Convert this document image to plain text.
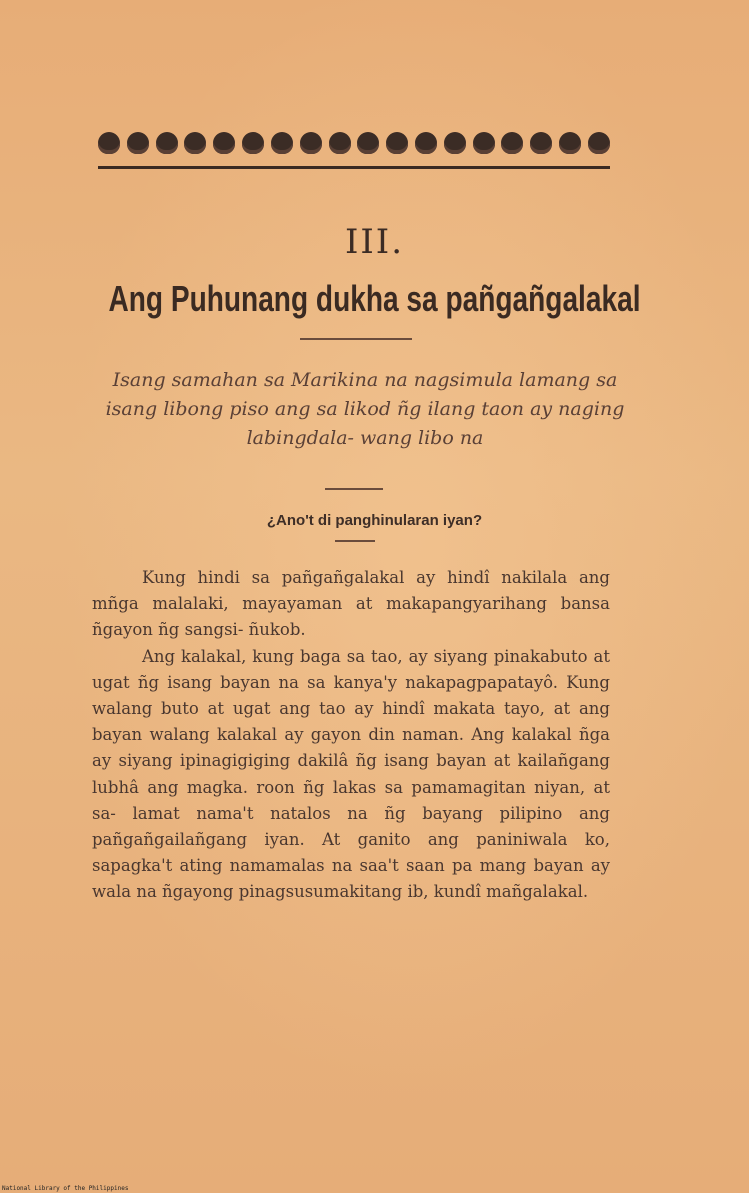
III.
Ang Puhunang dukha sa pañgañgalakal
Isang samahan sa Marikina na nagsimula lamang sa isang libong piso ang sa likod ñg ilang taon ay naging labingdala- wang libo na
¿Ano't di panghinularan iyan?

Kung hindi sa pañgañgalakal ay hindî nakilala ang mñga malalaki, mayayaman at makapangyarihang bansa ñgayon ñg sangsi- ñukob.

Ang kalakal, kung baga sa tao, ay siyang pinakabuto at ugat ñg isang bayan na sa kanya'y nakapagpapatayô. Kung walang buto at ugat ang tao ay hindî makata tayo, at ang bayan walang kalakal ay gayon din naman. Ang kalakal ñga ay siyang ipinagigiging dakilâ ñg isang bayan at kailañgang lubhâ ang magka. roon ñg lakas sa pamamagitan niyan, at sa- lamat nama't natalos na ñg bayang pilipino ang pañgañgailañgang iyan. At ganito ang paniniwala ko, sapagka't ating namamalas na saa't saan pa mang bayan ay wala na ñgayong pinagsusumakitang ib, kundî mañgalakal.

National Library of the Philippines
